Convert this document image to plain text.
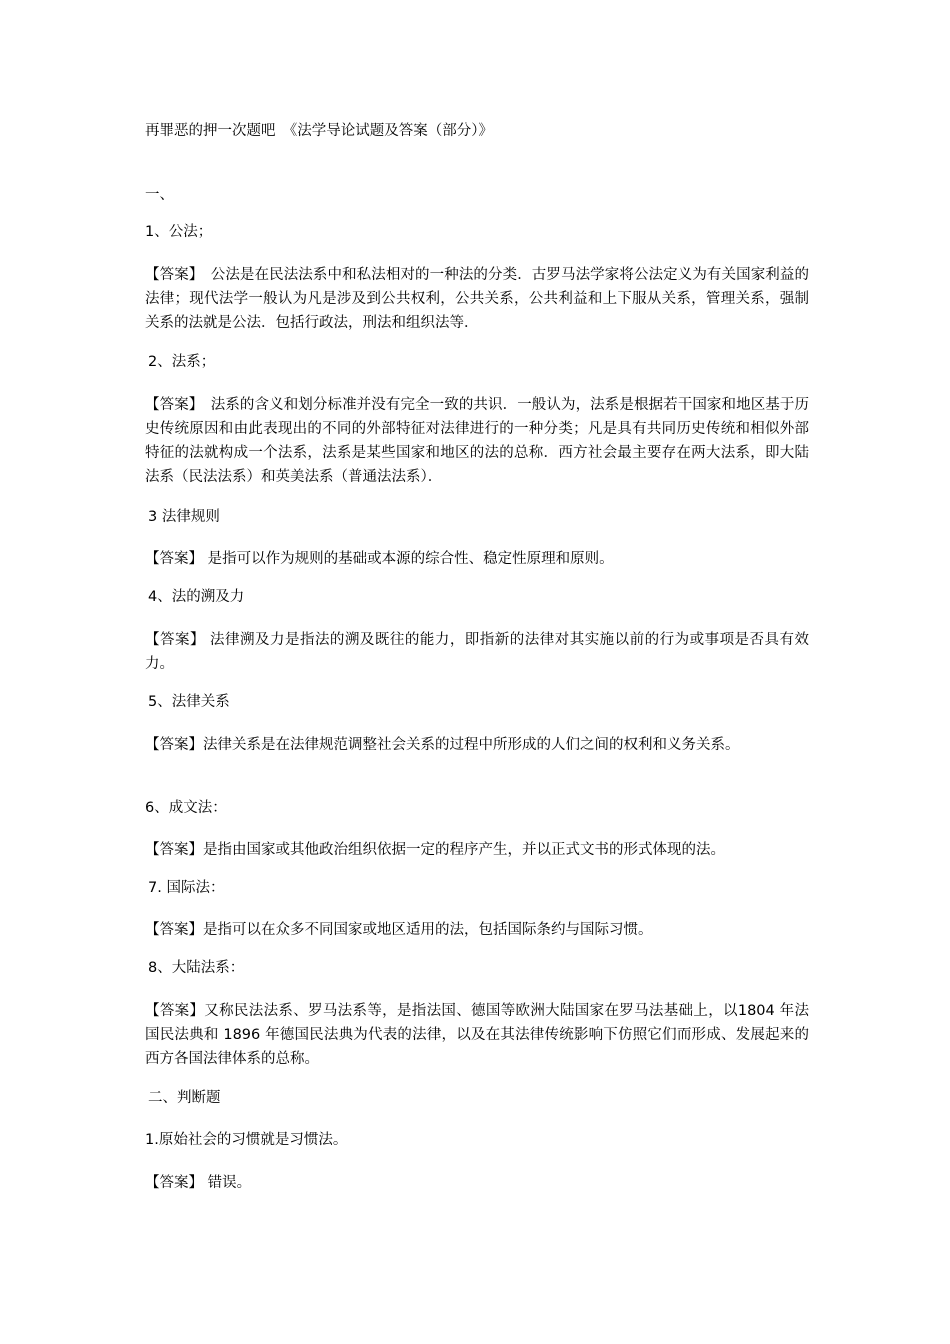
再罪恶的押一次题吧　《法学导论试题及答案（部分）》
一、
1、公法；
【答案】　公法是在民法法系中和私法相对的一种法的分类．古罗马法学家将公法定义为有关国家利益的法律；现代法学一般认为凡是涉及到公共权利，公共关系，公共利益和上下服从关系，管理关系，强制关系的法就是公法．包括行政法，刑法和组织法等．
2、法系；
【答案】　法系的含义和划分标准并没有完全一致的共识．一般认为，法系是根据若干国家和地区基于历史传统原因和由此表现出的不同的外部特征对法律进行的一种分类；凡是具有共同历史传统和相似外部特征的法就构成一个法系，法系是某些国家和地区的法的总称．西方社会最主要存在两大法系，即大陆法系（民法法系）和英美法系（普通法法系）．
3 法律规则
【答案】 是指可以作为规则的基础或本源的综合性、稳定性原理和原则。
4、法的溯及力
【答案】 法律溯及力是指法的溯及既往的能力，即指新的法律对其实施以前的行为或事项是否具有效力。
5、法律关系
【答案】法律关系是在法律规范调整社会关系的过程中所形成的人们之间的权利和义务关系。
6、成文法：
【答案】是指由国家或其他政治组织依据一定的程序产生，并以正式文书的形式体现的法。
7. 国际法：
【答案】是指可以在众多不同国家或地区适用的法，包括国际条约与国际习惯。
8、大陆法系：
【答案】又称民法法系、罗马法系等，是指法国、德国等欧洲大陆国家在罗马法基础上，以1804 年法国民法典和 1896 年德国民法典为代表的法律，以及在其法律传统影响下仿照它们而形成、发展起来的西方各国法律体系的总称。
二、判断题
1.原始社会的习惯就是习惯法。
【答案】 错误。
